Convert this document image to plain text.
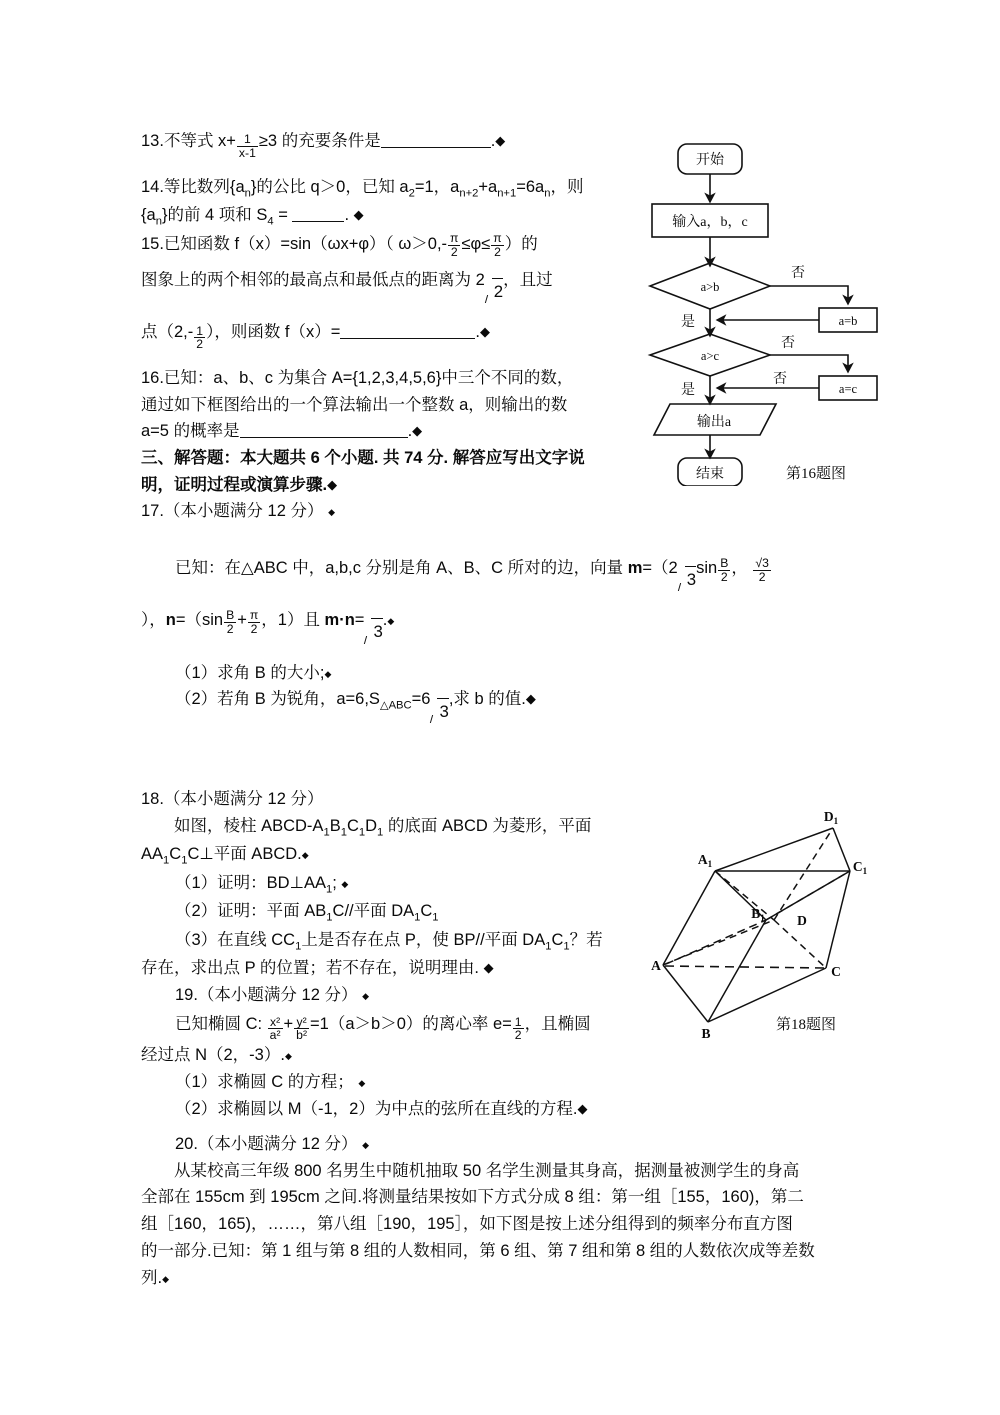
13.不等式 $x+ \frac{1}{x-1} \ge 3$ 的充要条件是	.◆
14.等比数列$\{a_n\}$的公比 q＞0，已知 $a_2=1$，$a_{n+2}+a_{n+1}=6a_n$，则
$\{a_n\}$的前 4 项和 $S_4$ =	. ◆
15.已知函数 f（x）=sin（ωx+φ）（ $\omega>0,- \frac{\pi}{2} \le\varphi\le \frac{\pi}{2}$ ）的
图象上的两个相邻的最高点和最低点的距离为 22，且过
点（$2,- \frac{1}{2}$ ），则函数 f（x）=	.◆
16.已知：a、b、c 为集合 A={1,2,3,4,5,6}中三个不同的数，
通过如下框图给出的一个算法输出一个整数 a，则输出的数
a=5 的概率是	.◆
三、解答题：本大题共 6 个小题. 共 74 分. 解答应写出文字说
明，证明过程或演算步骤.◆
17.（本小题满分 12 分） ◆
已知：在△ABC 中，a,b,c 分别是角 A、B、C 所对的边，向量 $m=(23\sin \frac{B}{2}$ ， $\frac{√3}{2}$
），$n=(\sin \frac{B}{2} + \frac{\pi}{2}$ ，1）且 m·n=3.◆
（1）求角 B 的大小;◆
（2）若角 B 为锐角，$a=6,S_{\triangle ABC}=63$,求 b 的值.◆
18.（本小题满分 12 分）
如图，棱柱 ABCD-$A_1B_1C_1D_1$ 的底面 ABCD 为菱形，平面
$AA_1C_1C\perp$平面 ABCD.◆
（1）证明：$BD\perp AA_1$; ◆
（2）证明：平面 $AB_1C//$平面 $DA_1C_1$
（3）在直线 $CC_1$上是否存在点 P，使 BP//平面 $DA_1C_1$？若
存在，求出点 P 的位置；若不存在，说明理由. ◆
19.（本小题满分 12 分） ◆
已知椭圆 C: $\frac{\text{x²}}{\text{a²}} + \frac{\text{y²}}{\text{b²}} =1(a>b>0)$的离心率 $e= \frac{1}{2}$ ，且椭圆
经过点 N（2，-3）.◆
（1）求椭圆 C 的方程； ◆
（2）求椭圆以 M（-1，2）为中点的弦所在直线的方程.◆
20.（本小题满分 12 分） ◆
从某校高三年级 800 名男生中随机抽取 50 名学生测量其身高，据测量被测学生的身高
全部在 155cm 到 195cm 之间.将测量结果按如下方式分成 8 组：第一组［155，160)，第二
组［160，165)，……，第八组［190，195］，如下图是按上述分组得到的频率分布直方图
的一部分.已知：第 1 组与第 8 组的人数相同，第 6 组、第 7 组和第 8 组的人数依次成等差数
列.◆
开始
输入a，b，c
a>b
a>c
a=b
a=c
输出a
结束
否
是
否
是
否
第16题图
$D_1$
$A_1$	$C_1$
$B_1$ D
A	C
B
第18题图
